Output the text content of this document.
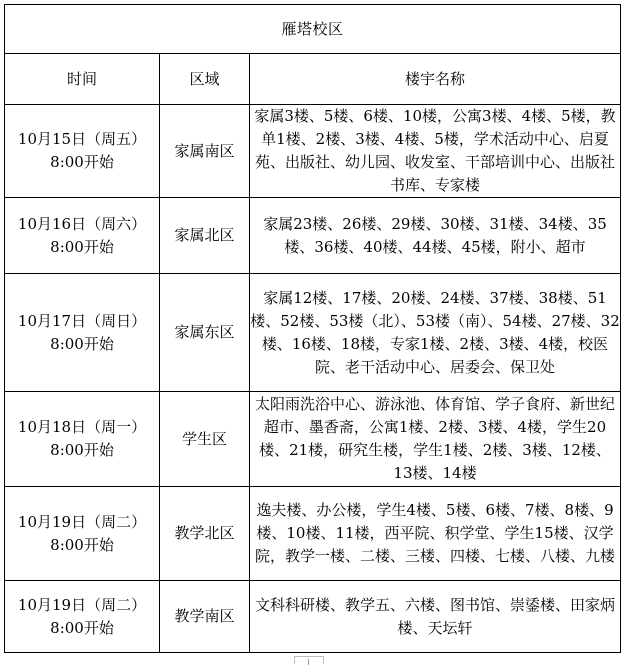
雁塔校区		
时间	区域	楼宇名称

10月15日（周五）
8:00开始	家属南区	家属3楼、5楼、6楼、10楼，公寓3楼、4楼、5楼，教单1楼、2楼、3楼、4楼、5楼，学术活动中心、启夏苑、出版社、幼儿园、收发室、干部培训中心、出版社书库、专家楼

10月16日（周六）
8:00开始	家属北区	家属23楼、26楼、29楼、30楼、31楼、34楼、35楼、36楼、40楼、44楼、45楼，附小、超市

10月17日（周日）
8:00开始	家属东区	家属12楼、17楼、20楼、24楼、37楼、38楼、51楼、52楼、53楼（北）、53楼（南）、54楼、27楼、32楼、16楼、18楼，专家1楼、2楼、3楼、4楼，校医院、老干活动中心、居委会、保卫处

10月18日（周一）
8:00开始	学生区	太阳雨洗浴中心、游泳池、体育馆、学子食府、新世纪超市、墨香斋，公寓1楼、2楼、3楼、4楼，学生20楼、21楼，研究生楼，学生1楼、2楼、3楼、12楼、13楼、14楼

10月19日（周二）
8:00开始	教学北区	逸夫楼、办公楼，学生4楼、5楼、6楼、7楼、8楼、9楼、10楼、11楼，西平院、积学堂、学生15楼、汉学院，教学一楼、二楼、三楼、四楼、七楼、八楼、九楼

10月19日（周二）
8:00开始	教学南区	文科科研楼、教学五、六楼、图书馆、崇鋈楼、田家炳楼、天坛轩
